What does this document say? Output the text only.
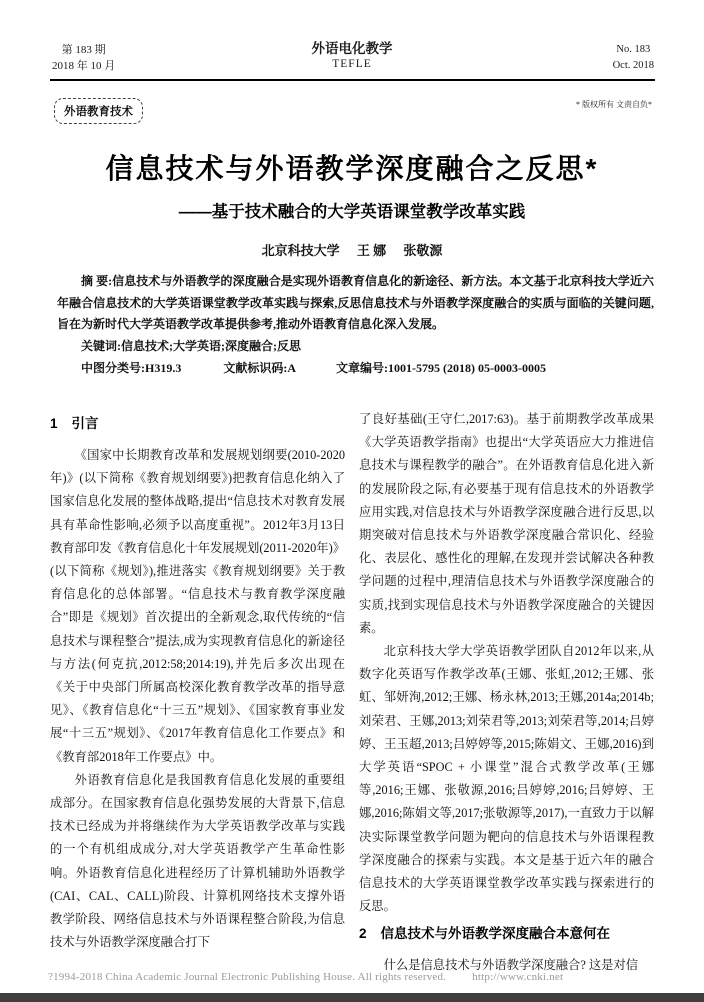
第 183 期
2018 年 10 月
外语电化教学
TEFLE
No. 183
Oct. 2018
外语教育技术
* 版权所有 文责自负*
信息技术与外语教学深度融合之反思*
——基于技术融合的大学英语课堂教学改革实践
北京科技大学 王 娜 张敬源

摘 要:信息技术与外语教学的深度融合是实现外语教育信息化的新途径、新方法。本文基于北京科技大学近六年融合信息技术的大学英语课堂教学改革实践与探索,反思信息技术与外语教学深度融合的实质与面临的关键问题,旨在为新时代大学英语教学改革提供参考,推动外语教育信息化深入发展。

关键词:信息技术;大学英语;深度融合;反思

中图分类号:H319.3	文献标识码:A	文章编号:1001-5795 (2018) 05-0003-0005

1 引言

《国家中长期教育改革和发展规划纲要(2010-2020年)》(以下简称《教育规划纲要》)把教育信息化纳入了国家信息化发展的整体战略,提出“信息技术对教育发展具有革命性影响,必须予以高度重视”。2012年3月13日教育部印发《教育信息化十年发展规划(2011-2020年)》(以下简称《规划》),推进落实《教育规划纲要》关于教育信息化的总体部署。“信息技术与教育教学深度融合”即是《规划》首次提出的全新观念,取代传统的“信息技术与课程整合”提法,成为实现教育信息化的新途径与方法(何克抗,2012:58;2014:19),并先后多次出现在《关于中央部门所属高校深化教育教学改革的指导意见》、《教育信息化“十三五”规划》、《国家教育事业发展“十三五”规划》、《2017年教育信息化工作要点》和《教育部2018年工作要点》中。

外语教育信息化是我国教育信息化发展的重要组成部分。在国家教育信息化强势发展的大背景下,信息技术已经成为并将继续作为大学英语教学改革与实践的一个有机组成成分,对大学英语教学产生革命性影响。外语教育信息化进程经历了计算机辅助外语教学(CAI、CAL、CALL)阶段、计算机网络技术支撑外语教学阶段、网络信息技术与外语课程整合阶段,为信息技术与外语教学深度融合打下

了良好基础(王守仁,2017:63)。基于前期教学改革成果《大学英语教学指南》也提出“大学英语应大力推进信息技术与课程教学的融合”。在外语教育信息化进入新的发展阶段之际,有必要基于现有信息技术的外语教学应用实践,对信息技术与外语教学深度融合进行反思,以期突破对信息技术与外语教学深度融合常识化、经验化、表层化、感性化的理解,在发现并尝试解决各种教学问题的过程中,理清信息技术与外语教学深度融合的实质,找到实现信息技术与外语教学深度融合的关键因素。

北京科技大学大学英语教学团队自2012年以来,从数字化英语写作教学改革(王娜、张虹,2012;王娜、张虹、邹妍洵,2012;王娜、杨永林,2013;王娜,2014a;2014b;刘荣君、王娜,2013;刘荣君等,2013;刘荣君等,2014;吕婷婷、王玉超,2013;吕婷婷等,2015;陈娟文、王娜,2016)到大学英语“SPOC + 小课堂”混合式教学改革(王娜等,2016;王娜、张敬源,2016;吕婷婷,2016;吕婷婷、王娜,2016;陈娟文等,2017;张敬源等,2017),一直致力于以解决实际课堂教学问题为靶向的信息技术与外语课程教学深度融合的探索与实践。本文是基于近六年的融合信息技术的大学英语课堂教学改革实践与探索进行的反思。

2 信息技术与外语教学深度融合本意何在

什么是信息技术与外语教学深度融合? 这是对信

?1994-2018 China Academic Journal Electronic Publishing House. All rights reserved. http://www.cnki.net
